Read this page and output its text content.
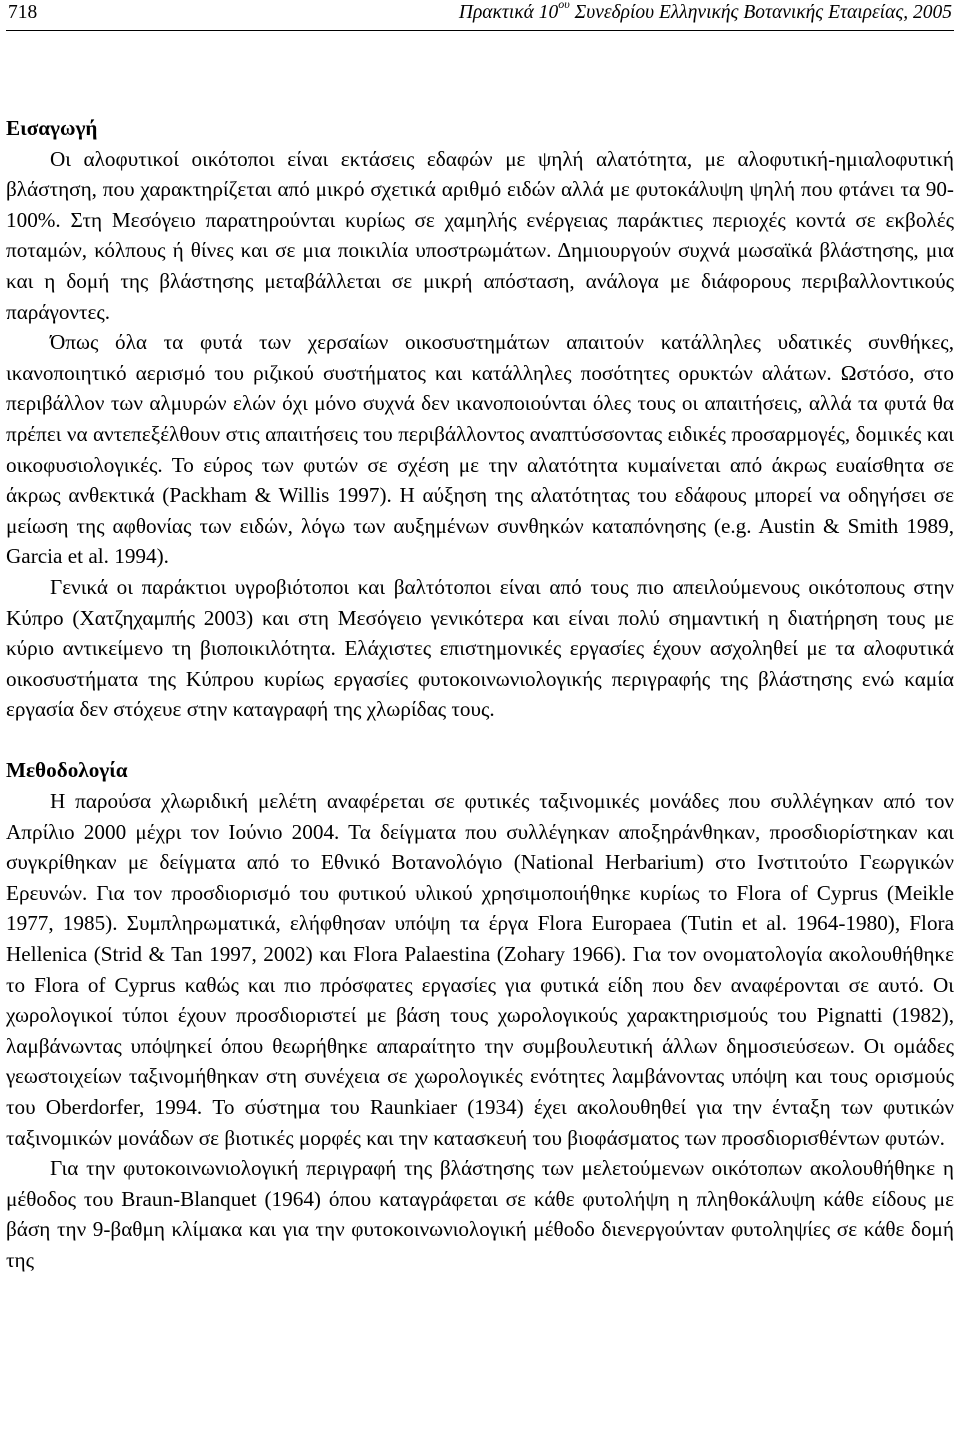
718	Πρακτικά $10^{o\upsilon}$ Συνεδρίου Ελληνικής Βοτανικής Εταιρείας, 2005
Εισαγωγή

Οι αλοφυτικοί οικότοποι είναι εκτάσεις εδαφών με ψηλή αλατότητα, με αλοφυτική-ημιαλοφυτική βλάστηση, που χαρακτηρίζεται από μικρό σχετικά αριθμό ειδών αλλά με φυτοκάλυψη ψηλή που φτάνει τα 90-100%. Στη Μεσόγειο παρατηρούνται κυρίως σε χαμηλής ενέργειας παράκτιες περιοχές κοντά σε εκβολές ποταμών, κόλπους ή θίνες και σε μια ποικιλία υποστρωμάτων. Δημιουργούν συχνά μωσαϊκά βλάστησης, μια και η δομή της βλάστησης μεταβάλλεται σε μικρή απόσταση, ανάλογα με διάφορους περιβαλλοντικούς παράγοντες.

Όπως όλα τα φυτά των χερσαίων οικοσυστημάτων απαιτούν κατάλληλες υδατικές συνθήκες, ικανοποιητικό αερισμό του ριζικού συστήματος και κατάλληλες ποσότητες ορυκτών αλάτων. Ωστόσο, στο περιβάλλον των αλμυρών ελών όχι μόνο συχνά δεν ικανοποιούνται όλες τους οι απαιτήσεις, αλλά τα φυτά θα πρέπει να αντεπεξέλθουν στις απαιτήσεις του περιβάλλοντος αναπτύσσοντας ειδικές προσαρμογές, δομικές και οικοφυσιολογικές. Το εύρος των φυτών σε σχέση με την αλατότητα κυμαίνεται από άκρως ευαίσθητα σε άκρως ανθεκτικά (Packham & Willis 1997). Η αύξηση της αλατότητας του εδάφους μπορεί να οδηγήσει σε μείωση της αφθονίας των ειδών, λόγω των αυξημένων συνθηκών καταπόνησης (e.g. Austin & Smith 1989, Garcia et al. 1994).

Γενικά οι παράκτιοι υγροβιότοποι και βαλτότοποι είναι από τους πιο απειλούμενους οικότοπους στην Κύπρο (Χατζηχαμπής 2003) και στη Μεσόγειο γενικότερα και είναι πολύ σημαντική η διατήρηση τους με κύριο αντικείμενο τη βιοποικιλότητα. Ελάχιστες επιστημονικές εργασίες έχουν ασχοληθεί με τα αλοφυτικά οικοσυστήματα της Κύπρου κυρίως εργασίες φυτοκοινωνιολογικής περιγραφής της βλάστησης ενώ καμία εργασία δεν στόχευε στην καταγραφή της χλωρίδας τους.

Μεθοδολογία

Η παρούσα χλωριδική μελέτη αναφέρεται σε φυτικές ταξινομικές μονάδες που συλλέγηκαν από τον Απρίλιο 2000 μέχρι τον Ιούνιο 2004. Τα δείγματα που συλλέγηκαν αποξηράνθηκαν, προσδιορίστηκαν και συγκρίθηκαν με δείγματα από το Εθνικό Βοτανολόγιο (National Herbarium) στο Ινστιτούτο Γεωργικών Ερευνών. Για τον προσδιορισμό του φυτικού υλικού χρησιμοποιήθηκε κυρίως το Flora of Cyprus (Meikle 1977, 1985). Συμπληρωματικά, ελήφθησαν υπόψη τα έργα Flora Europaea (Tutin et al. 1964-1980), Flora Hellenica (Strid & Tan 1997, 2002) και Flora Palaestina (Zohary 1966). Για τον ονοματολογία ακολουθήθηκε το Flora of Cyprus καθώς και πιο πρόσφατες εργασίες για φυτικά είδη που δεν αναφέρονται σε αυτό. Οι χωρολογικοί τύποι έχουν προσδιοριστεί με βάση τους χωρολογικούς χαρακτηρισμούς του Pignatti (1982), λαμβάνωντας υπόψηκεί όπου θεωρήθηκε απαραίτητο την συμβουλευτική άλλων δημοσιεύσεων. Οι ομάδες γεωστοιχείων ταξινομήθηκαν στη συνέχεια σε χωρολογικές ενότητες λαμβάνοντας υπόψη και τους ορισμούς του Oberdorfer, 1994. Το σύστημα του Raunkiaer (1934) έχει ακολουθηθεί για την ένταξη των φυτικών ταξινομικών μονάδων σε βιοτικές μορφές και την κατασκευή του βιοφάσματος των προσδιορισθέντων φυτών.

Για την φυτοκοινωνιολογική περιγραφή της βλάστησης των μελετούμενων οικότοπων ακολουθήθηκε η μέθοδος του Braun-Blanquet (1964) όπου καταγράφεται σε κάθε φυτολήψη η πληθοκάλυψη κάθε είδους με βάση την 9-βαθμη κλίμακα και για την φυτοκοινωνιολογική μέθοδο διενεργούνταν φυτοληψίες σε κάθε δομή της
